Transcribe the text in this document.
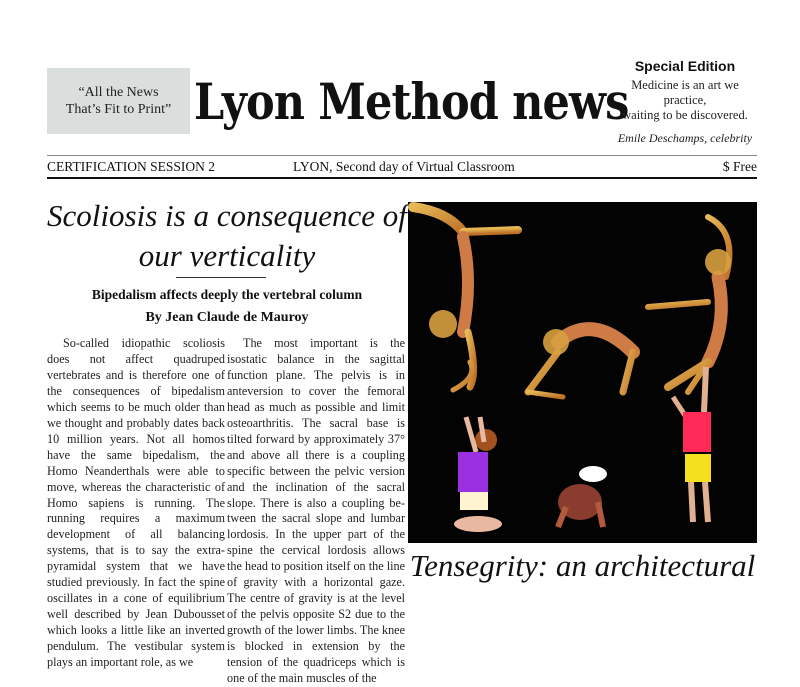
“All the News
That’s Fit to Print” Lyon Method news
Special Edition
Medicine is an art we practice,
waiting to be discovered.
Emile Deschamps, celebrity
CERTIFICATION SESSION 2	LYON, Second day of Virtual Classroom	$ Free
Scoliosis is a consequence of
our verticality
Bipedalism affects deeply the vertebral column
By Jean Claude de Mauroy

So-called idiopathic scoliosis does not affect quadruped vertebrates and is therefore one of the consequences of bipedalism which seems to be much older than we thought and probably dates back 10 million years. Not all homos have the same bipedalism, the Homo Neanderthals were able to move, whereas the characteristic of Homo sapiens is running. The running requires a maximum development of all balancing systems, that is to say the extra-pyramidal system that we have studied previously. In fact the spine oscillates in a cone of equilibrium well described by Jean Dubousset which looks a little like an inverted pendulum. The vestibular system plays an important role, as we

The most important is the isostatic balance in the sagittal function plane. The pelvis is in anteversion to cover the femoral head as much as possible and limit osteoarthritis. The sacral base is tilted forward by approximately 37° and above all there is a coupling specific between the pelvic version and the inclination of the sacral slope. There is also a coupling between the sacral slope and lumbar lordosis. In the upper part of the spine the cervical lordosis allows the head to position itself on the line of gravity with a horizontal gaze. The centre of gravity is at the level of the pelvis opposite S2 due to the growth of the lower limbs. The knee is blocked in extension by the tension of the quadriceps which is one of the main muscles of the

Tensegrity: an architectural
